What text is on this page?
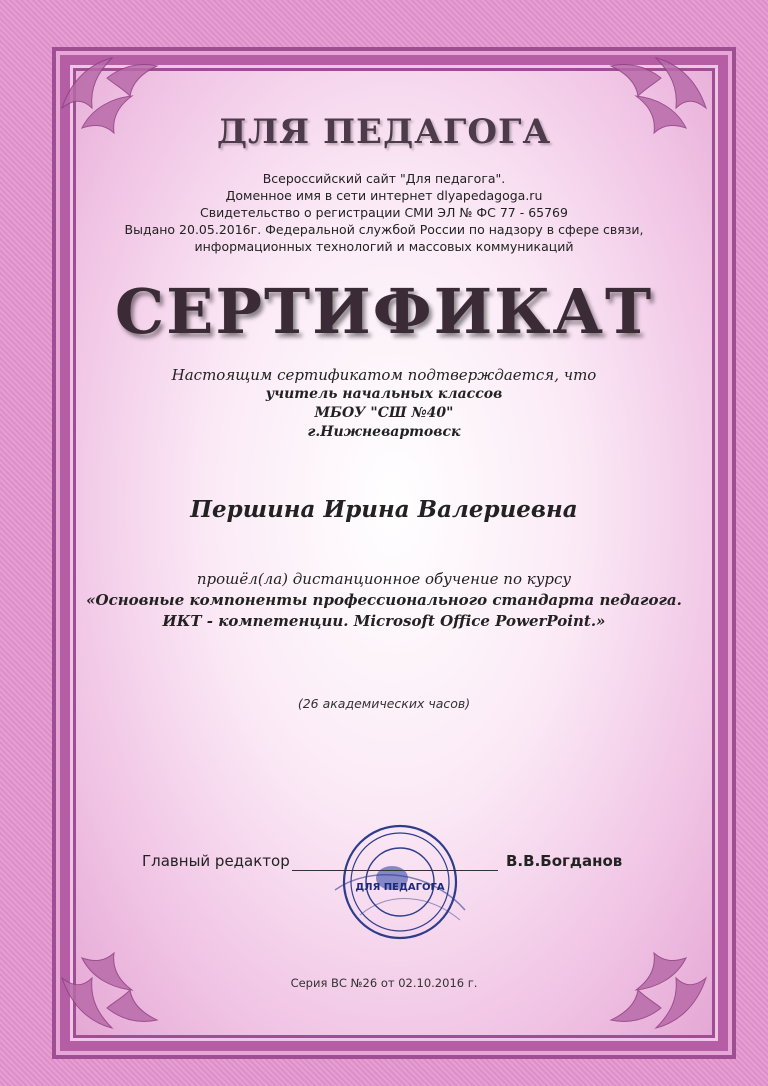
ДЛЯ ПЕДАГОГА
Всероссийский сайт "Для педагога".
Доменное имя в сети интернет dlyapedagoga.ru
Свидетельство о регистрации СМИ ЭЛ № ФС 77 - 65769
Выдано 20.05.2016г. Федеральной службой России по надзору в сфере связи,
информационных технологий и массовых коммуникаций
СЕРТИФИКАТ
Настоящим сертификатом подтверждается, что
учитель начальных классов
МБОУ "СШ №40"
г.Нижневартовск
Першина Ирина Валериевна
прошёл(ла) дистанционное обучение по курсу
«Основные компоненты профессионального стандарта педагога.
ИКТ - компетенции. Microsoft Office PowerPoint.»
(26 академических часов)
ДЛЯ ПЕДАГОГА
Главный редактор	В.В.Богданов
Серия ВС №26 от 02.10.2016 г.
